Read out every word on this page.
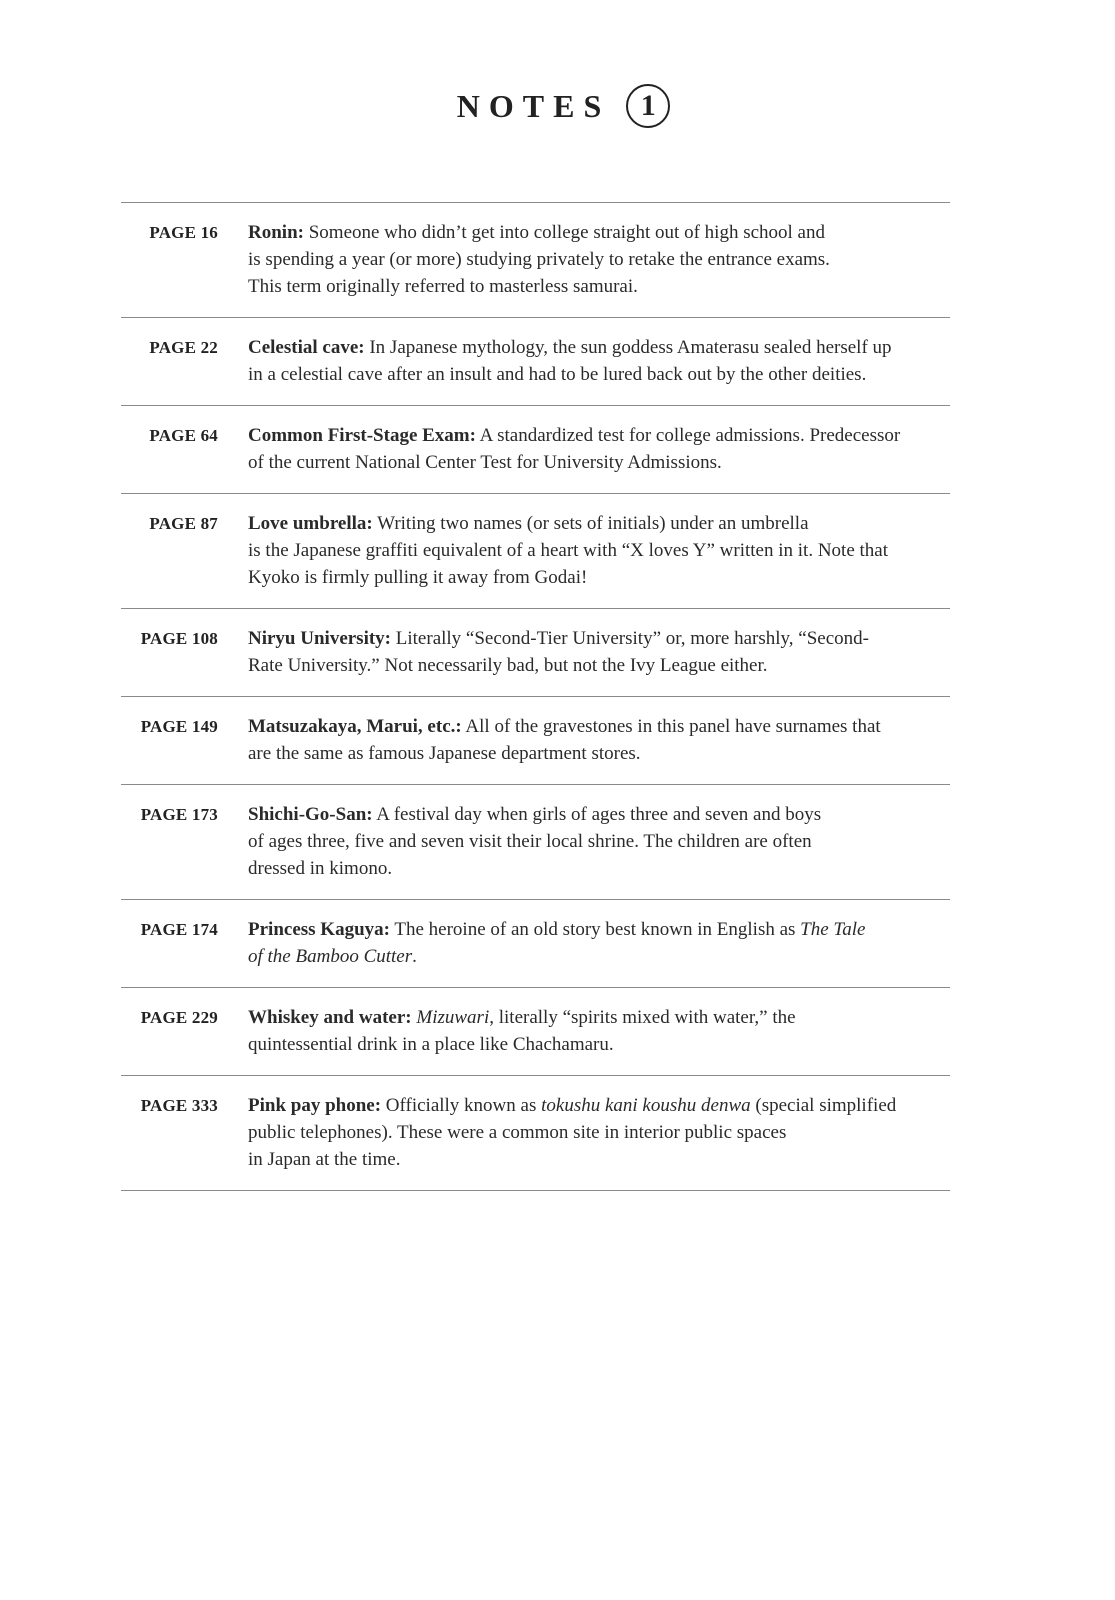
NOTES	1
PAGE 16 Ronin: Someone who didn’t get into college straight out of high school and
is spending a year (or more) studying privately to retake the entrance exams.
This term originally referred to masterless samurai.
PAGE 22 Celestial cave: In Japanese mythology, the sun goddess Amaterasu sealed herself up
in a celestial cave after an insult and had to be lured back out by the other deities.
PAGE 64 Common First-Stage Exam: A standardized test for college admissions. Predecessor
of the current National Center Test for University Admissions.
PAGE 87 Love umbrella: Writing two names (or sets of initials) under an umbrella
is the Japanese graffiti equivalent of a heart with “X loves Y” written in it. Note that
Kyoko is firmly pulling it away from Godai!
PAGE 108 Niryu University: Literally “Second-Tier University” or, more harshly, “Second-
Rate University.” Not necessarily bad, but not the Ivy League either.
PAGE 149 Matsuzakaya, Marui, etc.: All of the gravestones in this panel have surnames that
are the same as famous Japanese department stores.
PAGE 173 Shichi-Go-San: A festival day when girls of ages three and seven and boys
of ages three, five and seven visit their local shrine. The children are often
dressed in kimono.
PAGE 174 Princess Kaguya: The heroine of an old story best known in English as The Tale
of the Bamboo Cutter.
PAGE 229 Whiskey and water: Mizuwari, literally “spirits mixed with water,” the
quintessential drink in a place like Chachamaru.
PAGE 333 Pink pay phone: Officially known as tokushu kani koushu denwa (special simplified
public telephones). These were a common site in interior public spaces
in Japan at the time.
